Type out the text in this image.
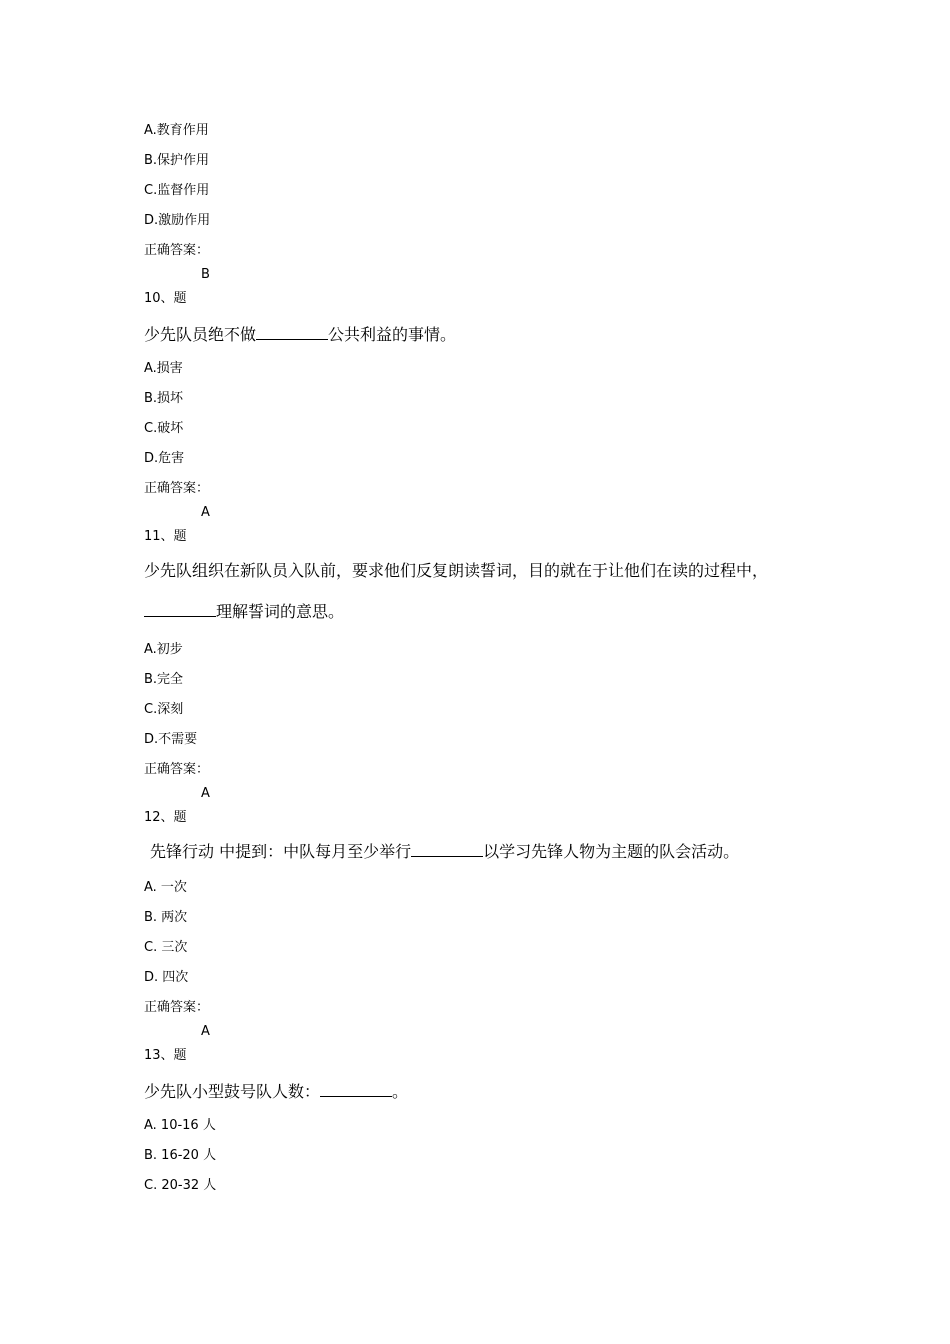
A.教育作用
B.保护作用
C.监督作用
D.激励作用
正确答案：
B
10、题
少先队员绝不做	公共利益的事情。
A.损害
B.损坏
C.破坏
D.危害
正确答案：
A
11、题
少先队组织在新队员入队前，要求他们反复朗读誓词，目的就在于让他们在读的过程中，
理解誓词的意思。
A.初步
B.完全
C.深刻
D.不需要
正确答案：
A
12、题
先锋行动 中提到：中队每月至少举行	以学习先锋人物为主题的队会活动。
A. 一次
B. 两次
C. 三次
D. 四次
正确答案：
A
13、题
少先队小型鼓号队人数：	。
A. 10-16 人
B. 16-20 人
C. 20-32 人
